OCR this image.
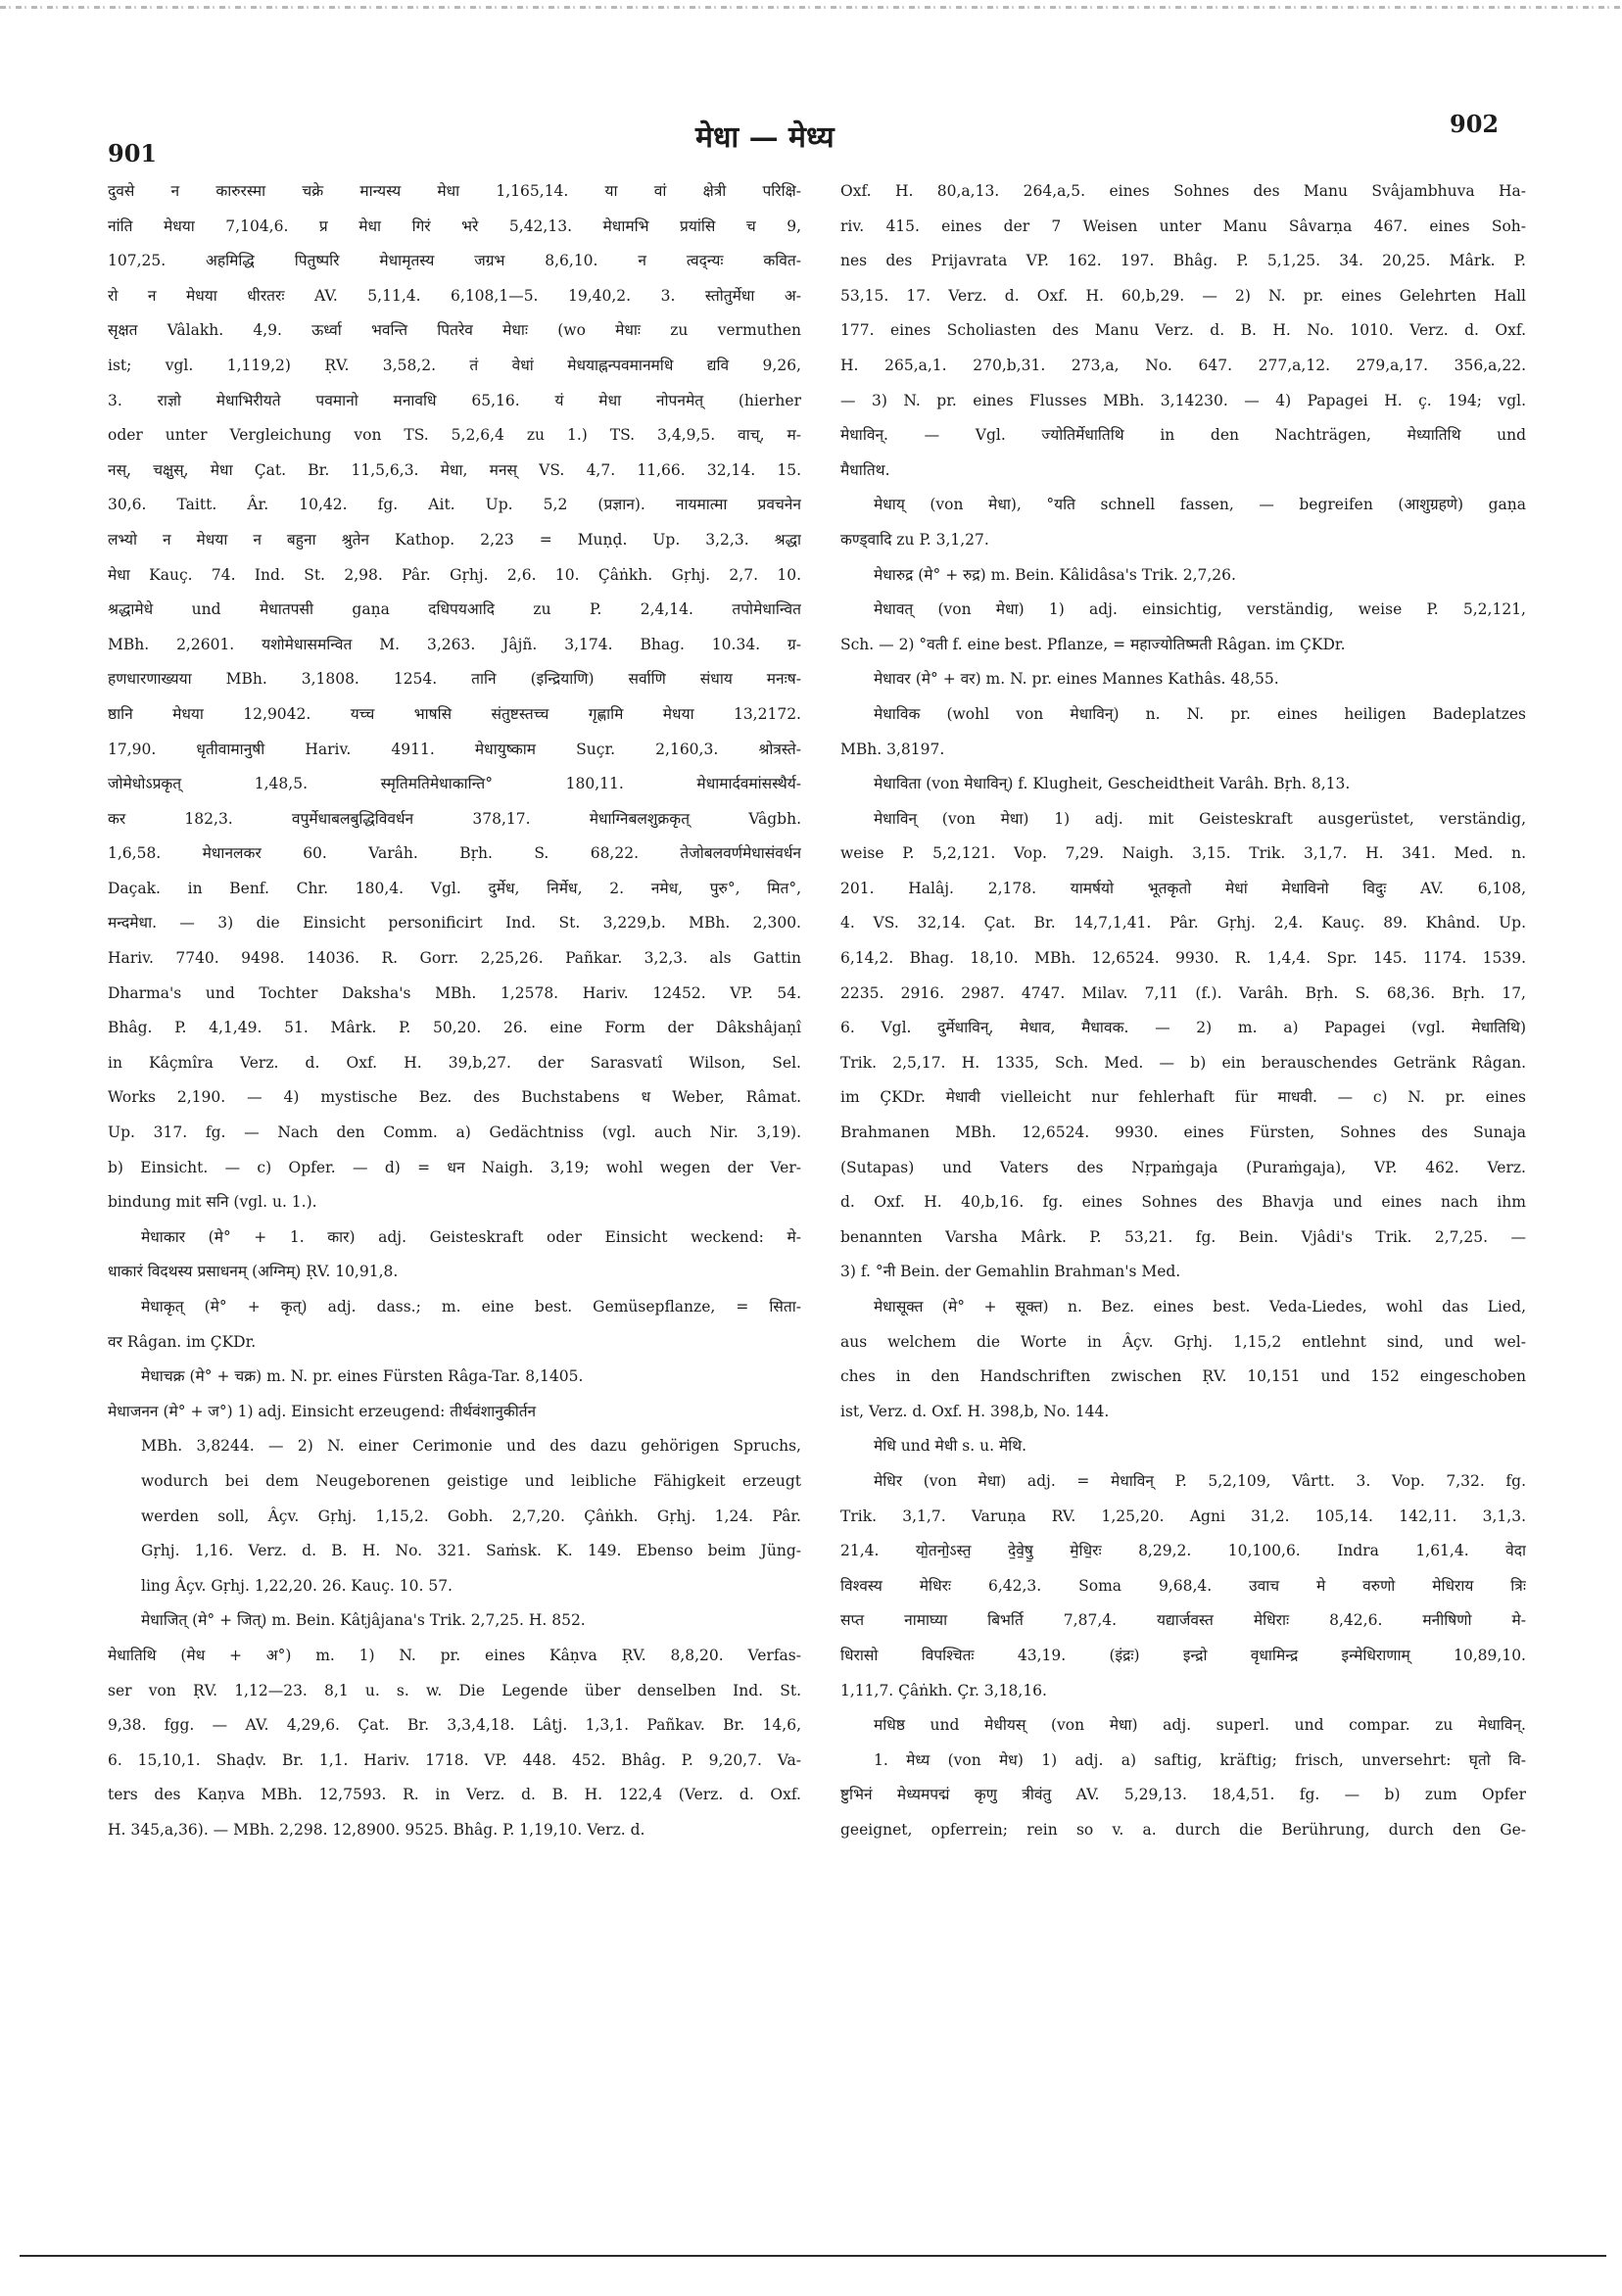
901	मेधा — मेध्य	902
दुवसे न कारुरस्मा चक्रे मान्यस्य मेधा 1,165,14. या वां क्षेत्री परिक्षि-
नांति मेधया 7,104,6. प्र मेधा गिरं भरे 5,42,13. मेधामभि प्रयांसि च 9,
107,25. अहमिद्धि पितुष्परि मेधामृतस्य जग्रभ 8,6,10. न त्वद्न्यः कवित-
रो न मेधया धीरतरः AV. 5,11,4. 6,108,1—5. 19,40,2. 3. स्तोतुर्मेधा अ-
सृक्षत Vâlakh. 4,9. ऊर्ध्वा भवन्ति पितरेव मेधाः (wo मेधाः zu vermuthen
ist; vgl. 1,119,2) ṚV. 3,58,2. तं वेधां मेधयाह्नन्पवमानमधि द्यवि 9,26,
3. राज्ञो मेधाभिरीयते पवमानो मनावधि 65,16. यं मेधा नोपनमेत् (hierher
oder unter Vergleichung von TS. 5,2,6,4 zu 1.) TS. 3,4,9,5. वाच्, म-
नस्, चक्षुस्, मेधा Çat. Br. 11,5,6,3. मेधा, मनस् VS. 4,7. 11,66. 32,14. 15.
30,6. Taitt. Âr. 10,42. fg. Ait. Up. 5,2 (प्रज्ञान). नायमात्मा प्रवचनेन
लभ्यो न मेधया न बहुना श्रुतेन Kathop. 2,23 = Muṇḍ. Up. 3,2,3. श्रद्धा
मेधा Kauç. 74. Ind. St. 2,98. Pâr. Gṛhj. 2,6. 10. Çâṅkh. Gṛhj. 2,7. 10.
श्रद्धामेधे und मेधातपसी gaṇa दधिपयआदि zu P. 2,4,14. तपोमेधान्वित
MBh. 2,2601. यशोमेधासमन्वित M. 3,263. Jâjñ. 3,174. Bhag. 10.34. ग्र-
हणधारणाख्यया MBh. 3,1808. 1254. तानि (इन्द्रियाणि) सर्वाणि संधाय मनःष-
ष्ठानि मेधया 12,9042. यच्च भाषसि संतुष्टस्तच्च गृह्णामि मेधया 13,2172.
17,90. धृतीवामानुषी Hariv. 4911. मेधायुष्काम Suçr. 2,160,3. श्रोत्रस्ते-
जोमेधोऽप्रकृत् 1,48,5. स्मृतिमतिमेधाकान्ति° 180,11. मेधामार्दवमांसस्थैर्य-
कर 182,3. वपुर्मेधाबलबुद्धिविवर्धन 378,17. मेधाग्निबलशुक्रकृत् Vâgbh.
1,6,58. मेधानलकर 60. Varâh. Bṛh. S. 68,22. तेजोबलवर्णमेधासंवर्धन
Daçak. in Benf. Chr. 180,4. Vgl. दुर्मेध, निर्मेध, 2. नमेध, पुरु°, मित°,
मन्दमेधा. — 3) die Einsicht personificirt Ind. St. 3,229,b. MBh. 2,300.
Hariv. 7740. 9498. 14036. R. Gorr. 2,25,26. Pañkar. 3,2,3. als Gattin
Dharma's und Tochter Daksha's MBh. 1,2578. Hariv. 12452. VP. 54.
Bhâg. P. 4,1,49. 51. Mârk. P. 50,20. 26. eine Form der Dâkshâjaṇî
in Kâçmîra Verz. d. Oxf. H. 39,b,27. der Sarasvatî Wilson, Sel.
Works 2,190. — 4) mystische Bez. des Buchstabens ध Weber, Râmat.
Up. 317. fg. — Nach den Comm. a) Gedächtniss (vgl. auch Nir. 3,19).
b) Einsicht. — c) Opfer. — d) = धन Naigh. 3,19; wohl wegen der Ver-
bindung mit सनि (vgl. u. 1.).
मेधाकार (मे° + 1. कार) adj. Geisteskraft oder Einsicht weckend: मे-
धाकारं विदथस्य प्रसाधनम् (अग्निम्) ṚV. 10,91,8.
मेधाकृत् (मे° + कृत्) adj. dass.; m. eine best. Gemüsepflanze, = सिता-
वर Râgan. im ÇKDr.
मेधाचक्र (मे° + चक्र) m. N. pr. eines Fürsten Râga-Tar. 8,1405.
मेधाजनन (मे° + ज°) 1) adj. Einsicht erzeugend: तीर्थवंशानुकीर्तन
MBh. 3,8244. — 2) N. einer Cerimonie und des dazu gehörigen Spruchs,
wodurch bei dem Neugeborenen geistige und leibliche Fähigkeit erzeugt
werden soll, Âçv. Gṛhj. 1,15,2. Gobh. 2,7,20. Çâṅkh. Gṛhj. 1,24. Pâr.
Gṛhj. 1,16. Verz. d. B. H. No. 321. Saṁsk. K. 149. Ebenso beim Jüng-
ling Âçv. Gṛhj. 1,22,20. 26. Kauç. 10. 57.
मेधाजित् (मे° + जित्) m. Bein. Kâtjâjana's Trik. 2,7,25. H. 852.
मेधातिथि (मेध + अ°) m. 1) N. pr. eines Kâṇva ṚV. 8,8,20. Verfas-
ser von ṚV. 1,12—23. 8,1 u. s. w. Die Legende über denselben Ind. St.
9,38. fgg. — AV. 4,29,6. Çat. Br. 3,3,4,18. Lâṭj. 1,3,1. Pañkav. Br. 14,6,
6. 15,10,1. Shaḍv. Br. 1,1. Hariv. 1718. VP. 448. 452. Bhâg. P. 9,20,7. Va-
ters des Kaṇva MBh. 12,7593. R. in Verz. d. B. H. 122,4 (Verz. d. Oxf.
H. 345,a,36). — MBh. 2,298. 12,8900. 9525. Bhâg. P. 1,19,10. Verz. d.
Oxf. H. 80,a,13. 264,a,5. eines Sohnes des Manu Svâjambhuva Ha-
riv. 415. eines der 7 Weisen unter Manu Sâvarṇa 467. eines Soh-
nes des Prijavrata VP. 162. 197. Bhâg. P. 5,1,25. 34. 20,25. Mârk. P.
53,15. 17. Verz. d. Oxf. H. 60,b,29. — 2) N. pr. eines Gelehrten Hall
177. eines Scholiasten des Manu Verz. d. B. H. No. 1010. Verz. d. Oxf.
H. 265,a,1. 270,b,31. 273,a, No. 647. 277,a,12. 279,a,17. 356,a,22.
— 3) N. pr. eines Flusses MBh. 3,14230. — 4) Papagei H. ç. 194; vgl.
मेधाविन्. — Vgl. ज्योतिर्मेधातिथि in den Nachträgen, मेध्यातिथि und
मैधातिथ.
मेधाय् (von मेधा), °यति schnell fassen, — begreifen (आशुग्रहणे) gaṇa
कण्ड्वादि zu P. 3,1,27.
मेधारुद्र (मे° + रुद्र) m. Bein. Kâlidâsa's Trik. 2,7,26.
मेधावत् (von मेधा) 1) adj. einsichtig, verständig, weise P. 5,2,121,
Sch. — 2) °वती f. eine best. Pflanze, = महाज्योतिष्मती Râgan. im ÇKDr.
मेधावर (मे° + वर) m. N. pr. eines Mannes Kathâs. 48,55.
मेधाविक (wohl von मेधाविन्) n. N. pr. eines heiligen Badeplatzes
MBh. 3,8197.
मेधाविता (von मेधाविन्) f. Klugheit, Gescheidtheit Varâh. Bṛh. 8,13.
मेधाविन् (von मेधा) 1) adj. mit Geisteskraft ausgerüstet, verständig,
weise P. 5,2,121. Vop. 7,29. Naigh. 3,15. Trik. 3,1,7. H. 341. Med. n.
201. Halâj. 2,178. यामर्षयो भूतकृतो मेधां मेधाविनो विदुः AV. 6,108,
4. VS. 32,14. Çat. Br. 14,7,1,41. Pâr. Gṛhj. 2,4. Kauç. 89. Khând. Up.
6,14,2. Bhag. 18,10. MBh. 12,6524. 9930. R. 1,4,4. Spr. 145. 1174. 1539.
2235. 2916. 2987. 4747. Milav. 7,11 (f.). Varâh. Bṛh. S. 68,36. Bṛh. 17,
6. Vgl. दुर्मेधाविन्, मेधाव, मैधावक. — 2) m. a) Papagei (vgl. मेधातिथि)
Trik. 2,5,17. H. 1335, Sch. Med. — b) ein berauschendes Getränk Râgan.
im ÇKDr. मेधावी vielleicht nur fehlerhaft für माधवी. — c) N. pr. eines
Brahmanen MBh. 12,6524. 9930. eines Fürsten, Sohnes des Sunaja
(Sutapas) und Vaters des Nṛpaṁgaja (Puraṁgaja), VP. 462. Verz.
d. Oxf. H. 40,b,16. fg. eines Sohnes des Bhavja und eines nach ihm
benannten Varsha Mârk. P. 53,21. fg. Bein. Vjâdi's Trik. 2,7,25. —
3) f. °नी Bein. der Gemahlin Brahman's Med.
मेधासूक्त (मे° + सूक्त) n. Bez. eines best. Veda-Liedes, wohl das Lied,
aus welchem die Worte in Âçv. Gṛhj. 1,15,2 entlehnt sind, und wel-
ches in den Handschriften zwischen ṚV. 10,151 und 152 eingeschoben
ist, Verz. d. Oxf. H. 398,b, No. 144.
मेधि und मेधी s. u. मेथि.
मेधिर (von मेधा) adj. = मेधाविन् P. 5,2,109, Vârtt. 3. Vop. 7,32. fg.
Trik. 3,1,7. Varuṇa RV. 1,25,20. Agni 31,2. 105,14. 142,11. 3,1,3.
21,4. यो॒तनो॒ऽस्त॒ दे॒वे॒षु॒ मे॒धि॒रः 8,29,2. 10,100,6. Indra 1,61,4. वेदा
विश्वस्य मेधिरः 6,42,3. Soma 9,68,4. उवाच मे वरुणो मेधिराय त्रिः
सप्त नामाघ्या बिभर्ति 7,87,4. यद्यार्जवस्त मेधिराः 8,42,6. मनीषिणो मे-
धिरासो विपश्चितः 43,19. (इंद्रः) इन्द्रो वृधामिन्द्र इन्मेधिराणाम् 10,89,10.
1,11,7. Çâṅkh. Çr. 3,18,16.
मधिष्ठ und मेधीयस् (von मेधा) adj. superl. und compar. zu मेधाविन्.
1. मेध्य (von मेध) 1) adj. a) saftig, kräftig; frisch, unversehrt: घृतो वि-
ष्टुभिनं मेध्यमपद्मं कृणु त्रीवंतु AV. 5,29,13. 18,4,51. fg. — b) zum Opfer
geeignet, opferrein; rein so v. a. durch die Berührung, durch den Ge-
